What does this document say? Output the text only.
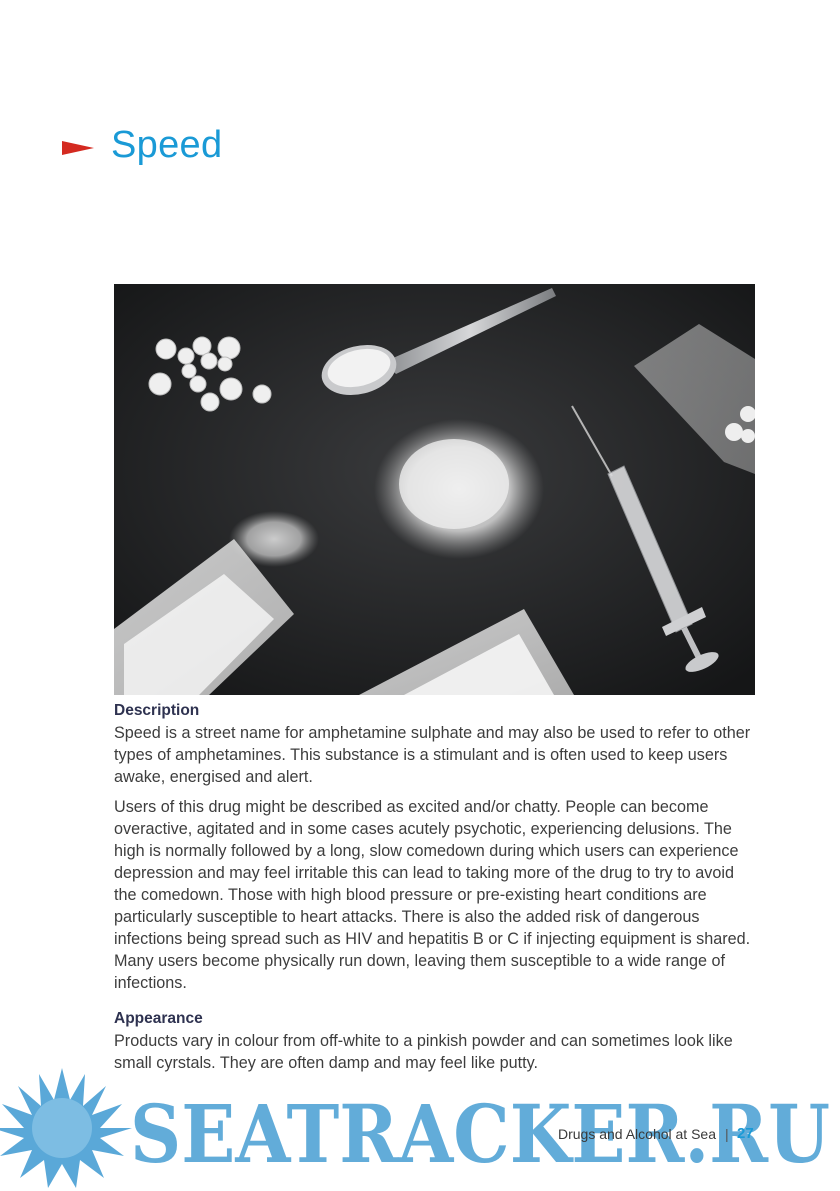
Speed
Description

Speed is a street name for amphetamine sulphate and may also be used to refer to other types of amphetamines. This substance is a stimulant and is often used to keep users awake, energised and alert.

Users of this drug might be described as excited and/or chatty. People can become overactive, agitated and in some cases acutely psychotic, experiencing delusions. The high is normally followed by a long, slow comedown during which users can experience depression and may feel irritable this can lead to taking more of the drug to try to avoid the comedown. Those with high blood pressure or pre-existing heart conditions are particularly susceptible to heart attacks. There is also the added risk of dangerous infections being spread such as HIV and hepatitis B or C if injecting equipment is shared. Many users become physically run down, leaving them susceptible to a wide range of infections.

Appearance

Products vary in colour from off-white to a pinkish powder and can sometimes look like small cyrstals. They are often damp and may feel like putty.

SEATRACKER.RU
Drugs and Alcohol at Sea | 27
